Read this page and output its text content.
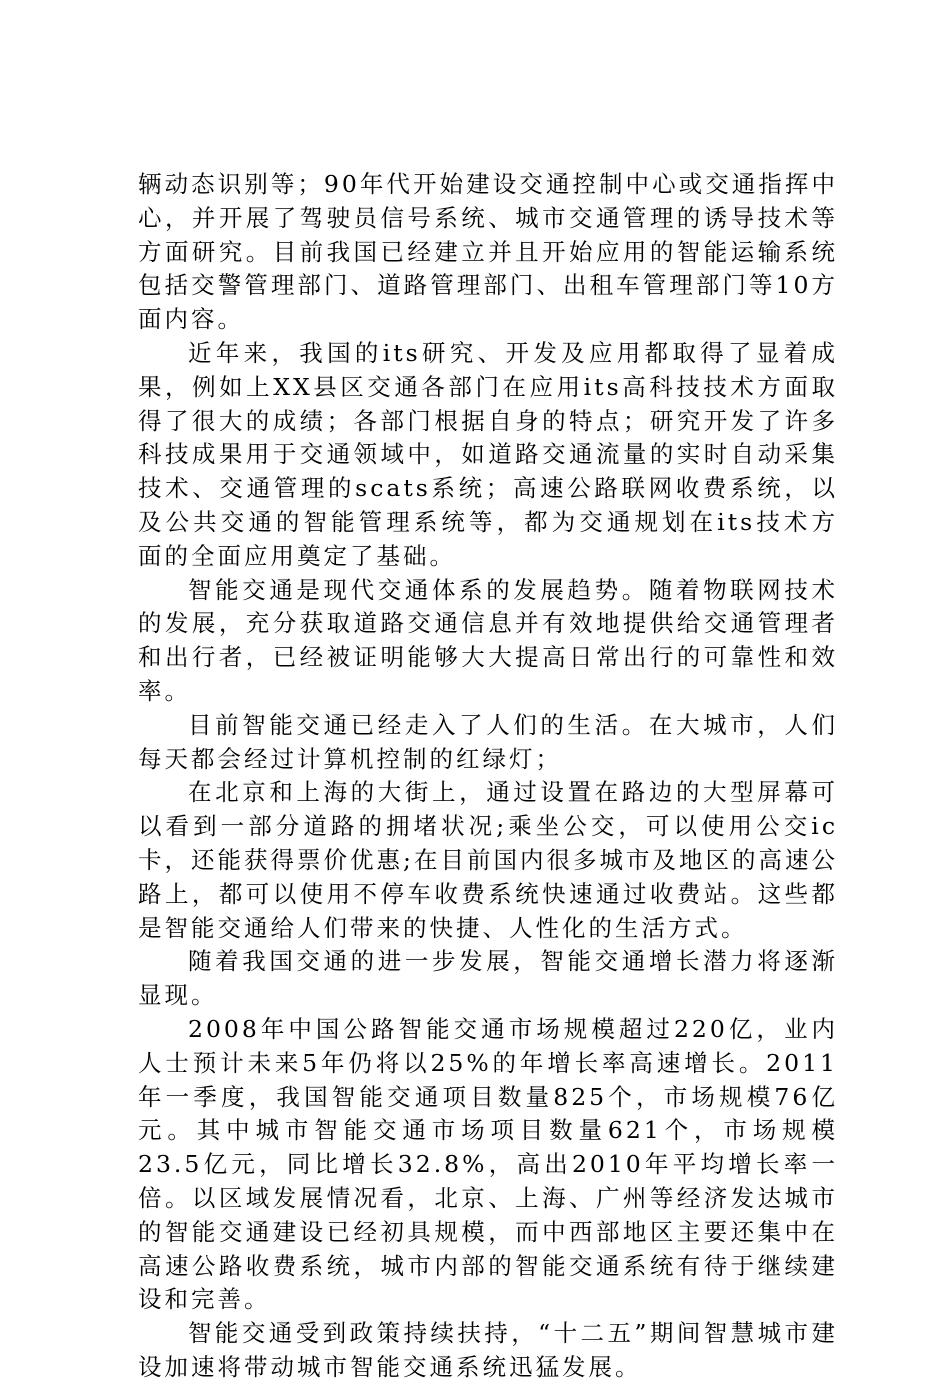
辆动态识别等；90年代开始建设交通控制中心或交通指挥中心，并开展了驾驶员信号系统、城市交通管理的诱导技术等方面研究。目前我国已经建立并且开始应用的智能运输系统包括交警管理部门、道路管理部门、出租车管理部门等10方面内容。

近年来，我国的its研究、开发及应用都取得了显着成果，例如上XX县区交通各部门在应用its高科技技术方面取得了很大的成绩；各部门根据自身的特点；研究开发了许多科技成果用于交通领域中，如道路交通流量的实时自动采集技术、交通管理的scats系统；高速公路联网收费系统，以及公共交通的智能管理系统等，都为交通规划在its技术方面的全面应用奠定了基础。

智能交通是现代交通体系的发展趋势。随着物联网技术的发展，充分获取道路交通信息并有效地提供给交通管理者和出行者，已经被证明能够大大提高日常出行的可靠性和效率。

目前智能交通已经走入了人们的生活。在大城市，人们每天都会经过计算机控制的红绿灯；

在北京和上海的大街上，通过设置在路边的大型屏幕可以看到一部分道路的拥堵状况;乘坐公交，可以使用公交ic卡，还能获得票价优惠;在目前国内很多城市及地区的高速公路上，都可以使用不停车收费系统快速通过收费站。这些都是智能交通给人们带来的快捷、人性化的生活方式。

随着我国交通的进一步发展，智能交通增长潜力将逐渐显现。

2008年中国公路智能交通市场规模超过220亿，业内人士预计未来5年仍将以25%的年增长率高速增长。2011年一季度，我国智能交通项目数量825个，市场规模76亿元。其中城市智能交通市场项目数量621个，市场规模23.5亿元，同比增长32.8%，高出2010年平均增长率一倍。以区域发展情况看，北京、上海、广州等经济发达城市的智能交通建设已经初具规模，而中西部地区主要还集中在高速公路收费系统，城市内部的智能交通系统有待于继续建设和完善。

智能交通受到政策持续扶持，“十二五”期间智慧城市建设加速将带动城市智能交通系统迅猛发展。
